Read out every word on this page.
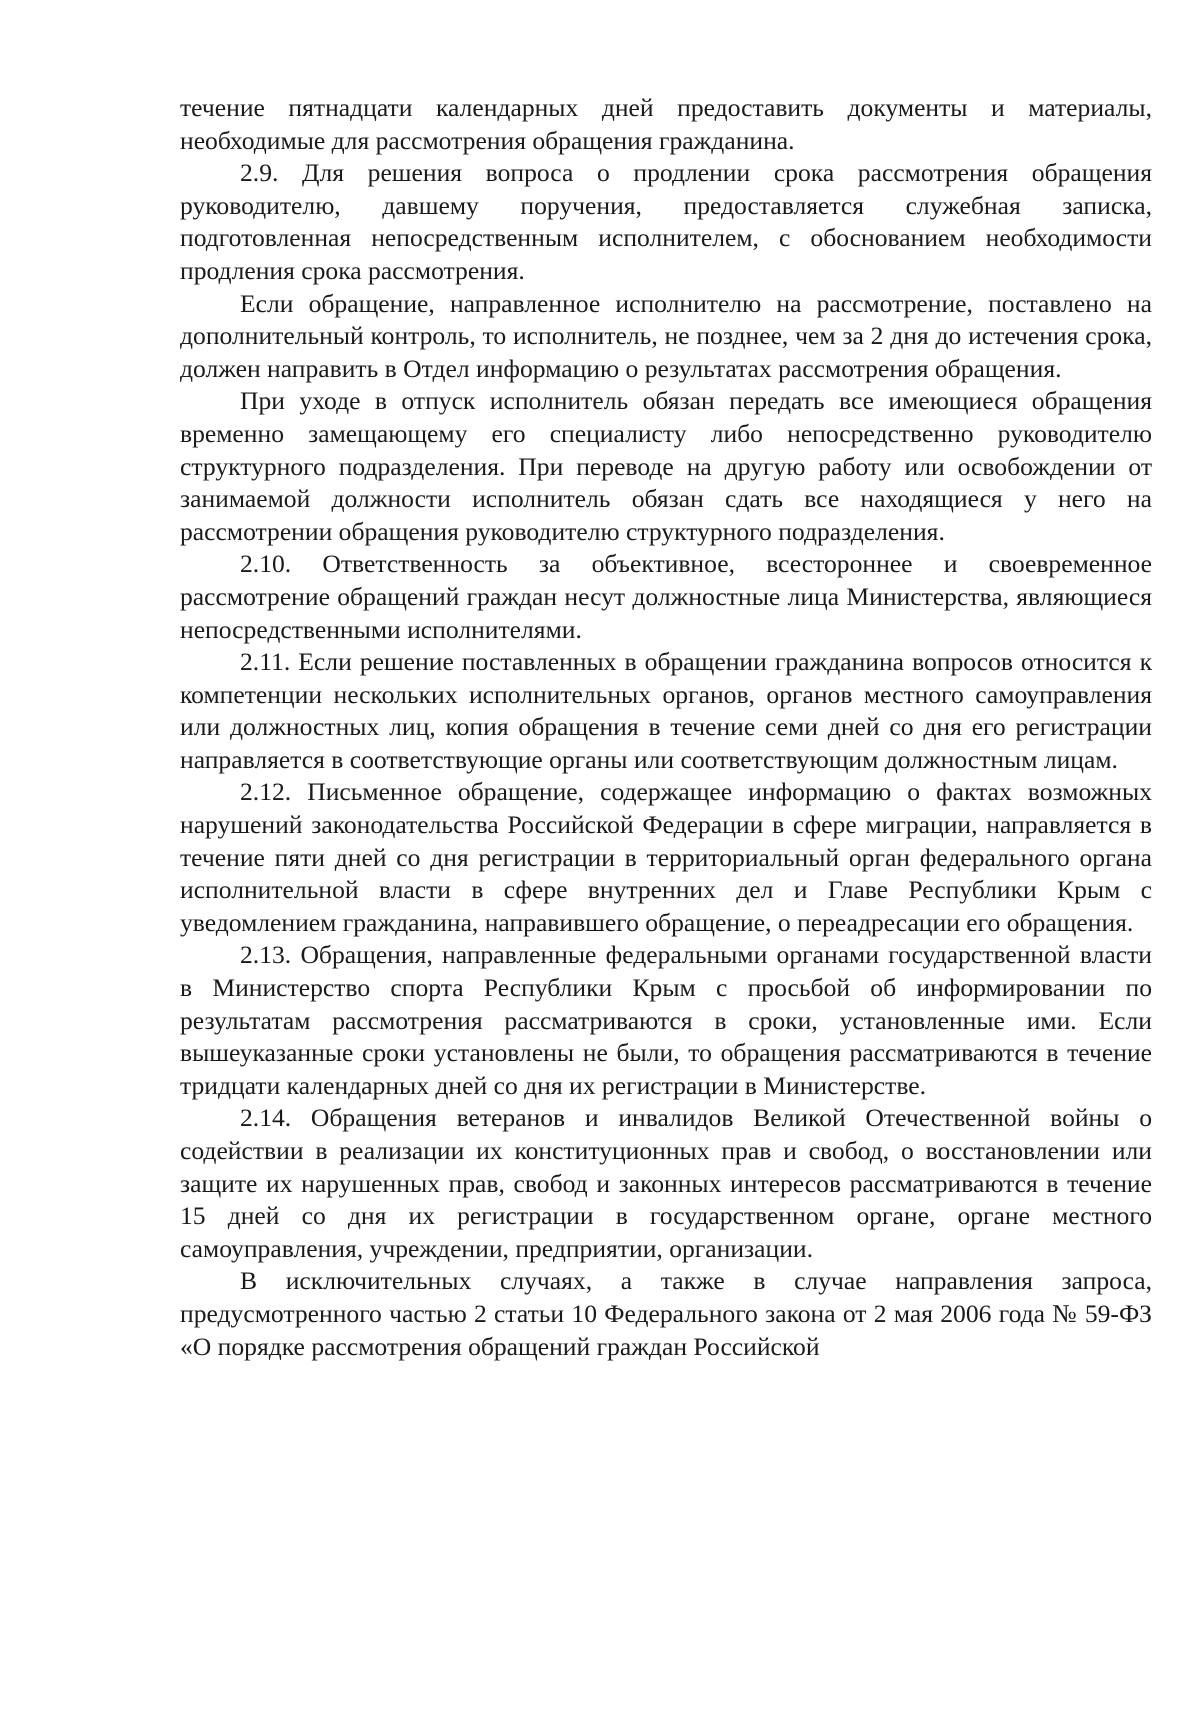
течение пятнадцати календарных дней предоставить документы и материалы, необходимые для рассмотрения обращения гражданина.

2.9. Для решения вопроса о продлении срока рассмотрения обращения руководителю, давшему поручения, предоставляется служебная записка, подготовленная непосредственным исполнителем, с обоснованием необходимости продления срока рассмотрения.

Если обращение, направленное исполнителю на рассмотрение, поставлено на дополнительный контроль, то исполнитель, не позднее, чем за 2 дня до истечения срока, должен направить в Отдел информацию о результатах рассмотрения обращения.

При уходе в отпуск исполнитель обязан передать все имеющиеся обращения временно замещающему его специалисту либо непосредственно руководителю структурного подразделения. При переводе на другую работу или освобождении от занимаемой должности исполнитель обязан сдать все находящиеся у него на рассмотрении обращения руководителю структурного подразделения.

2.10. Ответственность за объективное, всестороннее и своевременное рассмотрение обращений граждан несут должностные лица Министерства, являющиеся непосредственными исполнителями.

2.11. Если решение поставленных в обращении гражданина вопросов относится к компетенции нескольких исполнительных органов, органов местного самоуправления или должностных лиц, копия обращения в течение семи дней со дня его регистрации направляется в соответствующие органы или соответствующим должностным лицам.

2.12. Письменное обращение, содержащее информацию о фактах возможных нарушений законодательства Российской Федерации в сфере миграции, направляется в течение пяти дней со дня регистрации в территориальный орган федерального органа исполнительной власти в сфере внутренних дел и Главе Республики Крым с уведомлением гражданина, направившего обращение, о переадресации его обращения.

2.13. Обращения, направленные федеральными органами государственной власти в Министерство спорта Республики Крым с просьбой об информировании по результатам рассмотрения рассматриваются в сроки, установленные ими. Если вышеуказанные сроки установлены не были, то обращения рассматриваются в течение тридцати календарных дней со дня их регистрации в Министерстве.

2.14. Обращения ветеранов и инвалидов Великой Отечественной войны о содействии в реализации их конституционных прав и свобод, о восстановлении или защите их нарушенных прав, свобод и законных интересов рассматриваются в течение 15 дней со дня их регистрации в государственном органе, органе местного самоуправления, учреждении, предприятии, организации.

В исключительных случаях, а также в случае направления запроса, предусмотренного частью 2 статьи 10 Федерального закона от 2 мая 2006 года № 59-ФЗ «О порядке рассмотрения обращений граждан Российской
